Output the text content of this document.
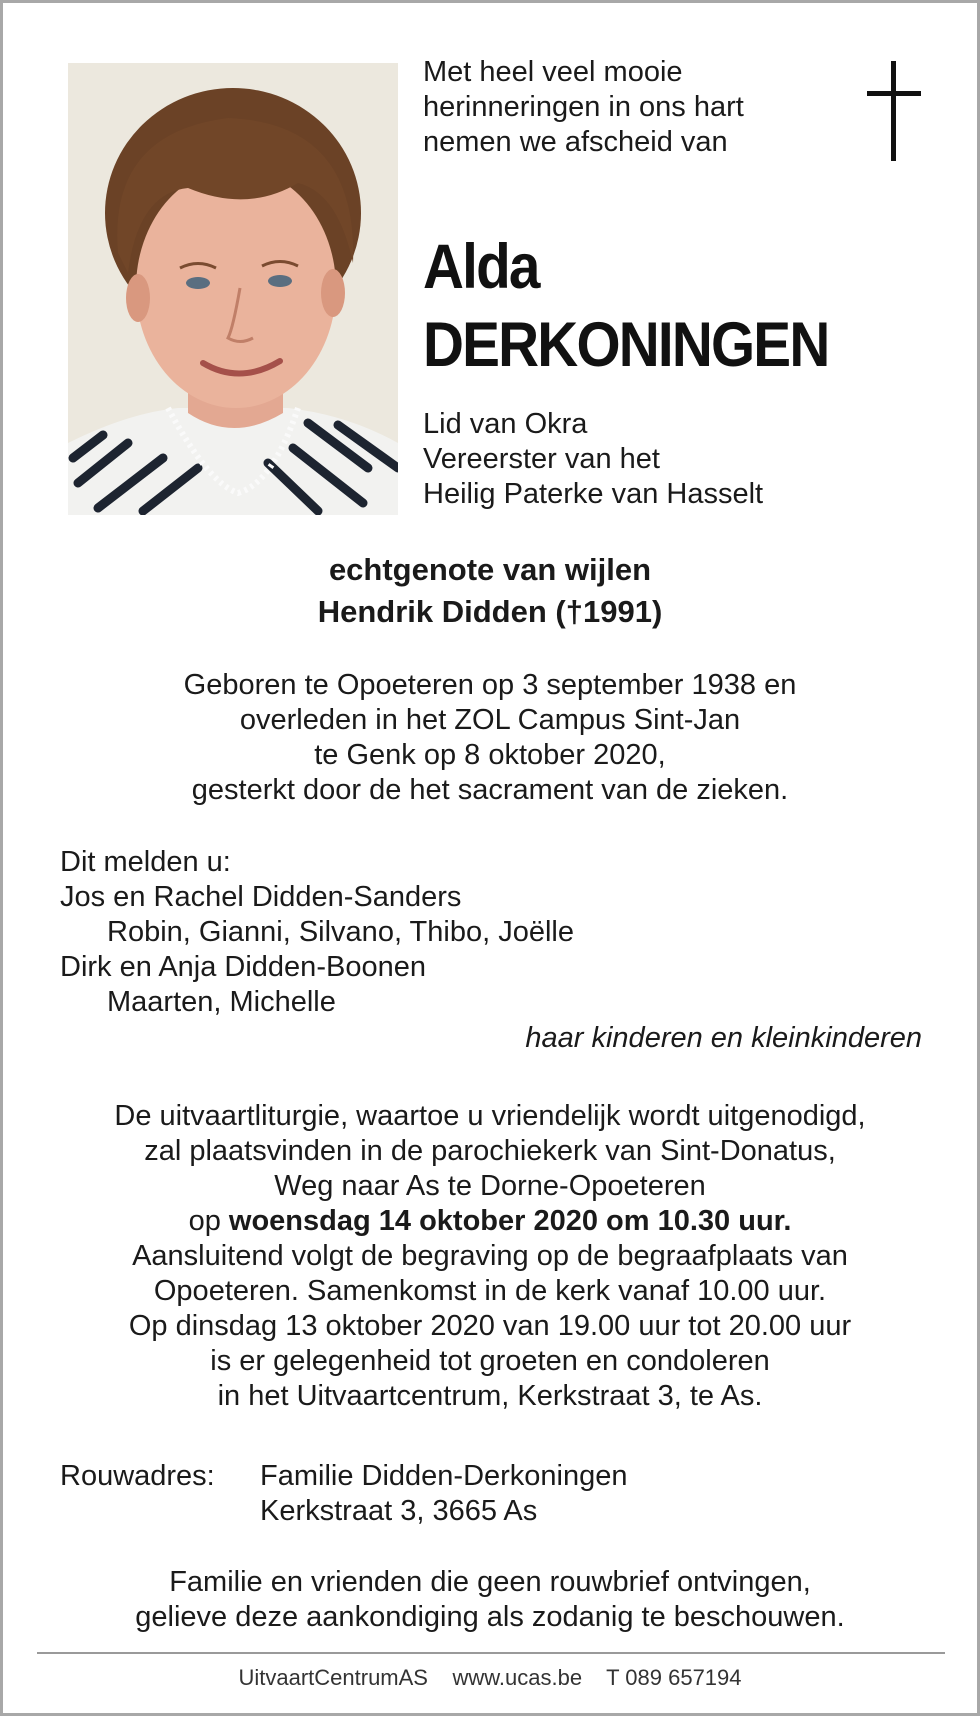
Met heel veel mooie
herinneringen in ons hart
nemen we afscheid van
Alda
DERKONINGEN
Lid van Okra
Vereerster van het
Heilig Paterke van Hasselt
echtgenote van wijlen
Hendrik Didden (†1991)
Geboren te Opoeteren op 3 september 1938 en
overleden in het ZOL Campus Sint-Jan
te Genk op 8 oktober 2020,
gesterkt door de het sacrament van de zieken.
Dit melden u:
Jos en Rachel Didden-Sanders
Robin, Gianni, Silvano, Thibo, Joëlle
Dirk en Anja Didden-Boonen
Maarten, Michelle
haar kinderen en kleinkinderen
De uitvaartliturgie, waartoe u vriendelijk wordt uitgenodigd,
zal plaatsvinden in de parochiekerk van Sint-Donatus,
Weg naar As te Dorne-Opoeteren
op woensdag 14 oktober 2020 om 10.30 uur.
Aansluitend volgt de begraving op de begraafplaats van
Opoeteren. Samenkomst in de kerk vanaf 10.00 uur.
Op dinsdag 13 oktober 2020 van 19.00 uur tot 20.00 uur
is er gelegenheid tot groeten en condoleren
in het Uitvaartcentrum, Kerkstraat 3, te As.
Rouwadres: Familie Didden-Derkoningen
Kerkstraat 3, 3665 As
Familie en vrienden die geen rouwbrief ontvingen,
gelieve deze aankondiging als zodanig te beschouwen.
UitvaartCentrumAS www.ucas.be T 089 657194
